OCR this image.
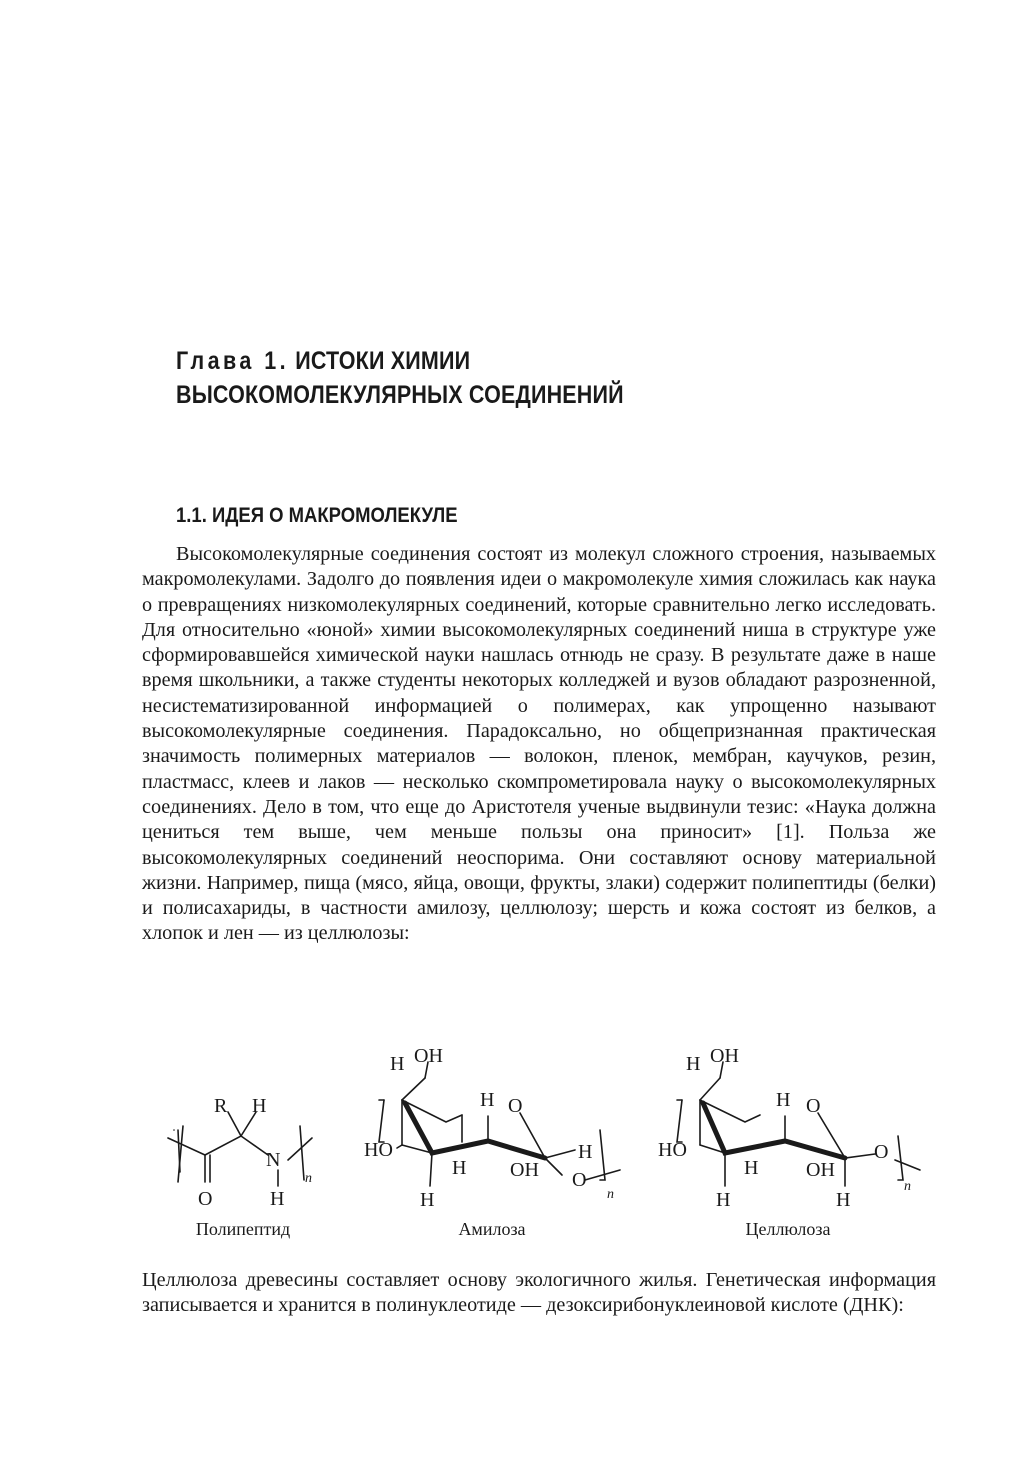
Глава 1. ИСТОКИ ХИМИИ
ВЫСОКОМОЛЕКУЛЯРНЫХ СОЕДИНЕНИЙ
1.1. ИДЕЯ О МАКРОМОЛЕКУЛЕ

Высокомолекулярные соединения состоят из молекул сложного строения, называемых макромолекулами. Задолго до появления идеи о макромолекуле химия сложилась как наука о превращениях низкомолекулярных соединений, которые сравнительно легко исследовать. Для относительно «юной» химии высокомолекулярных соединений ниша в структуре уже сформировавшейся химической науки нашлась отнюдь не сразу. В результате даже в наше время школьники, а также студенты некоторых колледжей и вузов обладают разрозненной, несистематизированной информацией о полимерах, как упрощенно называют высокомолекулярные соединения. Парадоксально, но общепризнанная практическая значимость полимерных материалов — волокон, пленок, мембран, каучуков, резин, пластмасс, клеев и лаков — несколько скомпрометировала науку о высокомолекулярных соединениях. Дело в том, что еще до Аристотеля ученые выдвинули тезис: «Наука должна цениться тем выше, чем меньше пользы она приносит» [1]. Польза же высокомолекулярных соединений неоспорима. Они составляют основу материальной жизни. Например, пища (мясо, яйца, овощи, фрукты, злаки) содержит полипептиды (белки) и полисахариды, в частности амилозу, целлюлозу; шерсть и кожа состоят из белков, а хлопок и лен — из целлюлозы:

R H
N
O	H
n
H OH
H O
HO
H OH
H
H
O
n
H OH
H O
HO
H OH
H	H
O
n
Полипептид	Амилоза	Целлюлоза

Целлюлоза древесины составляет основу экологичного жилья. Генетическая информация записывается и хранится в полинуклеотиде — дезоксирибонуклеиновой кислоте (ДНК):
